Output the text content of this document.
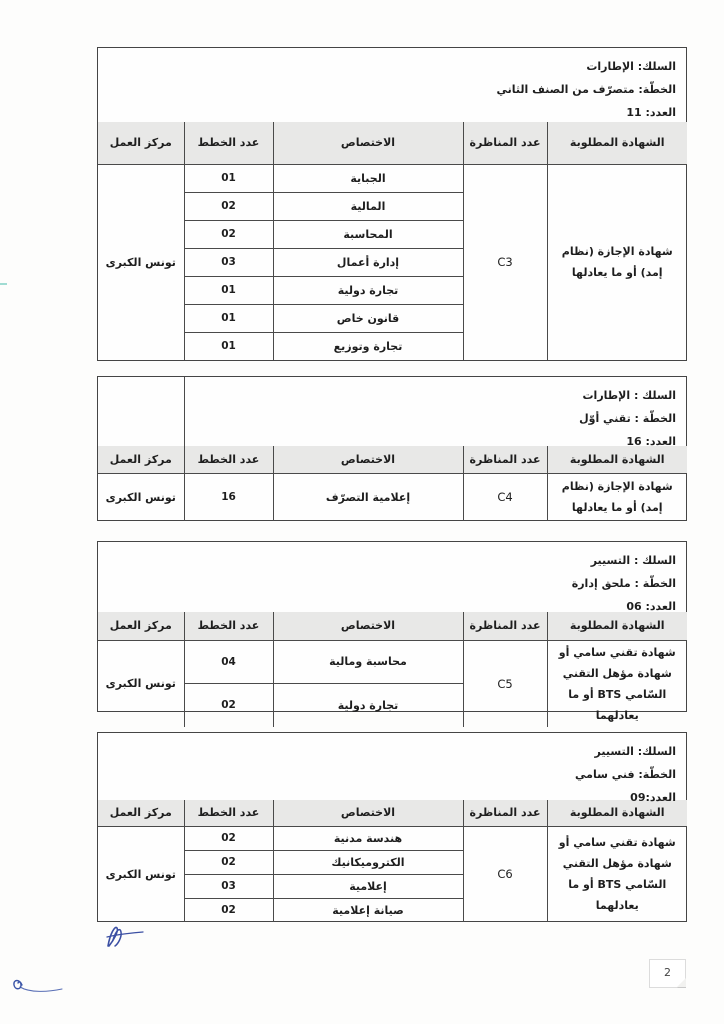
السلك: الإطارات
الخطّة: متصرّف من الصنف الثاني
العدد: 11
الشهادة المطلوبة	عدد المناظرة	الاختصاص	عدد الخطط	مركز العمل
شهادة الإجازة (نظام إمد) أو ما يعادلها	C3	الجباية	01	تونس الكبرى
		المالية	02	
		المحاسبة	02	
		إدارة أعمال	03	
		تجارة دولية	01	
		قانون خاص	01	
		تجارة وتوزيع	01	
السلك : الإطارات
الخطّة : تقني أوّل
العدد: 16
الشهادة المطلوبة	عدد المناظرة	الاختصاص	عدد الخطط	مركز العمل
شهادة الإجازة (نظام إمد) أو ما يعادلها	C4	إعلامية التصرّف	16	تونس الكبرى
السلك : التسيير
الخطّة : ملحق إدارة
العدد: 06
الشهادة المطلوبة	عدد المناظرة	الاختصاص	عدد الخطط	مركز العمل
شهادة تقني سامي أو شهادة مؤهل التقني السّامي BTS أو ما يعادلهما	C5	محاسبة ومالية	04	تونس الكبرى
		تجارة دولية	02	
السلك: التسيير
الخطّة: فني سامي
العدد:09
الشهادة المطلوبة	عدد المناظرة	الاختصاص	عدد الخطط	مركز العمل
شهادة تقني سامي أو شهادة مؤهل التقني السّامي BTS أو ما يعادلهما	C6	هندسة مدنية	02	تونس الكبرى
		الكتروميكانيك	02	
		إعلامية	03	
		صيانة إعلامية	02	
2
